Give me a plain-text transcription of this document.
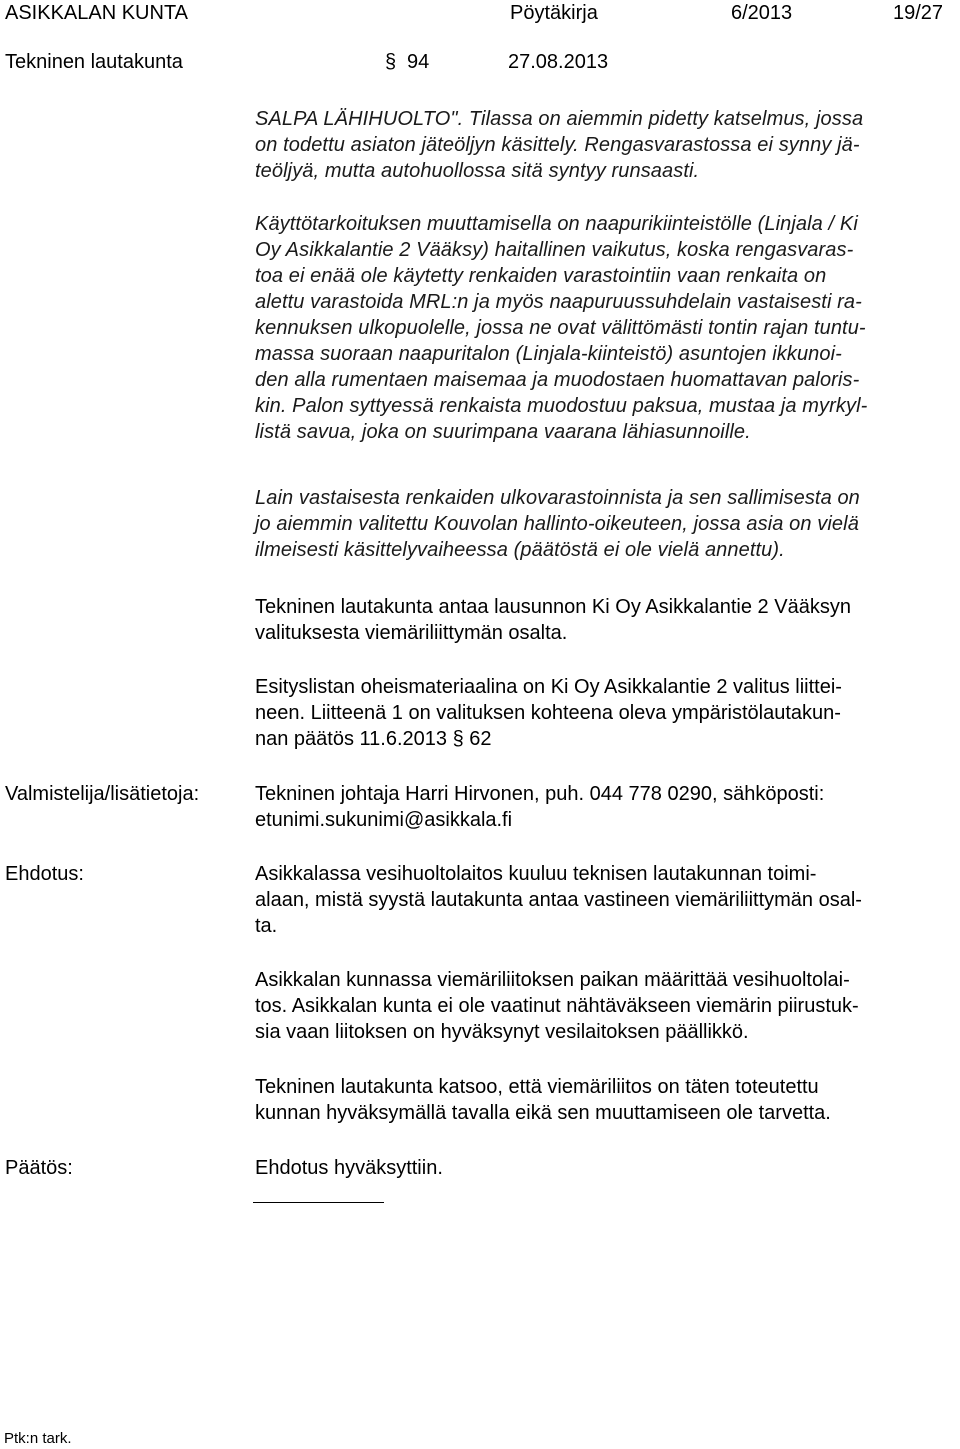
ASIKKALAN KUNTA	Pöytäkirja	6/2013	19/27
Tekninen lautakunta	§ 94	27.08.2013
SALPA LÄHIHUOLTO". Tilassa on aiemmin pidetty katselmus, jossa
on todettu asiaton jäteöljyn käsittely. Rengasvarastossa ei synny jä-
teöljyä, mutta autohuollossa sitä syntyy runsaasti.
Käyttötarkoituksen muuttamisella on naapurikiinteistölle (Linjala / Ki
Oy Asikkalantie 2 Vääksy) haitallinen vaikutus, koska rengasvaras-
toa ei enää ole käytetty renkaiden varastointiin vaan renkaita on
alettu varastoida MRL:n ja myös naapuruussuhdelain vastaisesti ra-
kennuksen ulkopuolelle, jossa ne ovat välittömästi tontin rajan tuntu-
massa suoraan naapuritalon (Linjala-kiinteistö) asuntojen ikkunoi-
den alla rumentaen maisemaa ja muodostaen huomattavan paloris-
kin. Palon syttyessä renkaista muodostuu paksua, mustaa ja myrkyl-
listä savua, joka on suurimpana vaarana lähiasunnoille.
Lain vastaisesta renkaiden ulkovarastoinnista ja sen sallimisesta on
jo aiemmin valitettu Kouvolan hallinto-oikeuteen, jossa asia on vielä
ilmeisesti käsittelyvaiheessa (päätöstä ei ole vielä annettu).
Tekninen lautakunta antaa lausunnon Ki Oy Asikkalantie 2 Vääksyn
valituksesta viemäriliittymän osalta.
Esityslistan oheismateriaalina on Ki Oy Asikkalantie 2 valitus liittei-
neen. Liitteenä 1 on valituksen kohteena oleva ympäristölautakun-
nan päätös 11.6.2013 § 62
Valmistelija/lisätietoja:	Tekninen johtaja Harri Hirvonen, puh. 044 778 0290, sähköposti:
etunimi.sukunimi@asikkala.fi
Ehdotus:	Asikkalassa vesihuoltolaitos kuuluu teknisen lautakunnan toimi-
alaan, mistä syystä lautakunta antaa vastineen viemäriliittymän osal-
ta.
Asikkalan kunnassa viemäriliitoksen paikan määrittää vesihuoltolai-
tos. Asikkalan kunta ei ole vaatinut nähtäväkseen viemärin piirustuk-
sia vaan liitoksen on hyväksynyt vesilaitoksen päällikkö.
Tekninen lautakunta katsoo, että viemäriliitos on täten toteutettu
kunnan hyväksymällä tavalla eikä sen muuttamiseen ole tarvetta.
Päätös:	Ehdotus hyväksyttiin.
Ptk:n tark.
